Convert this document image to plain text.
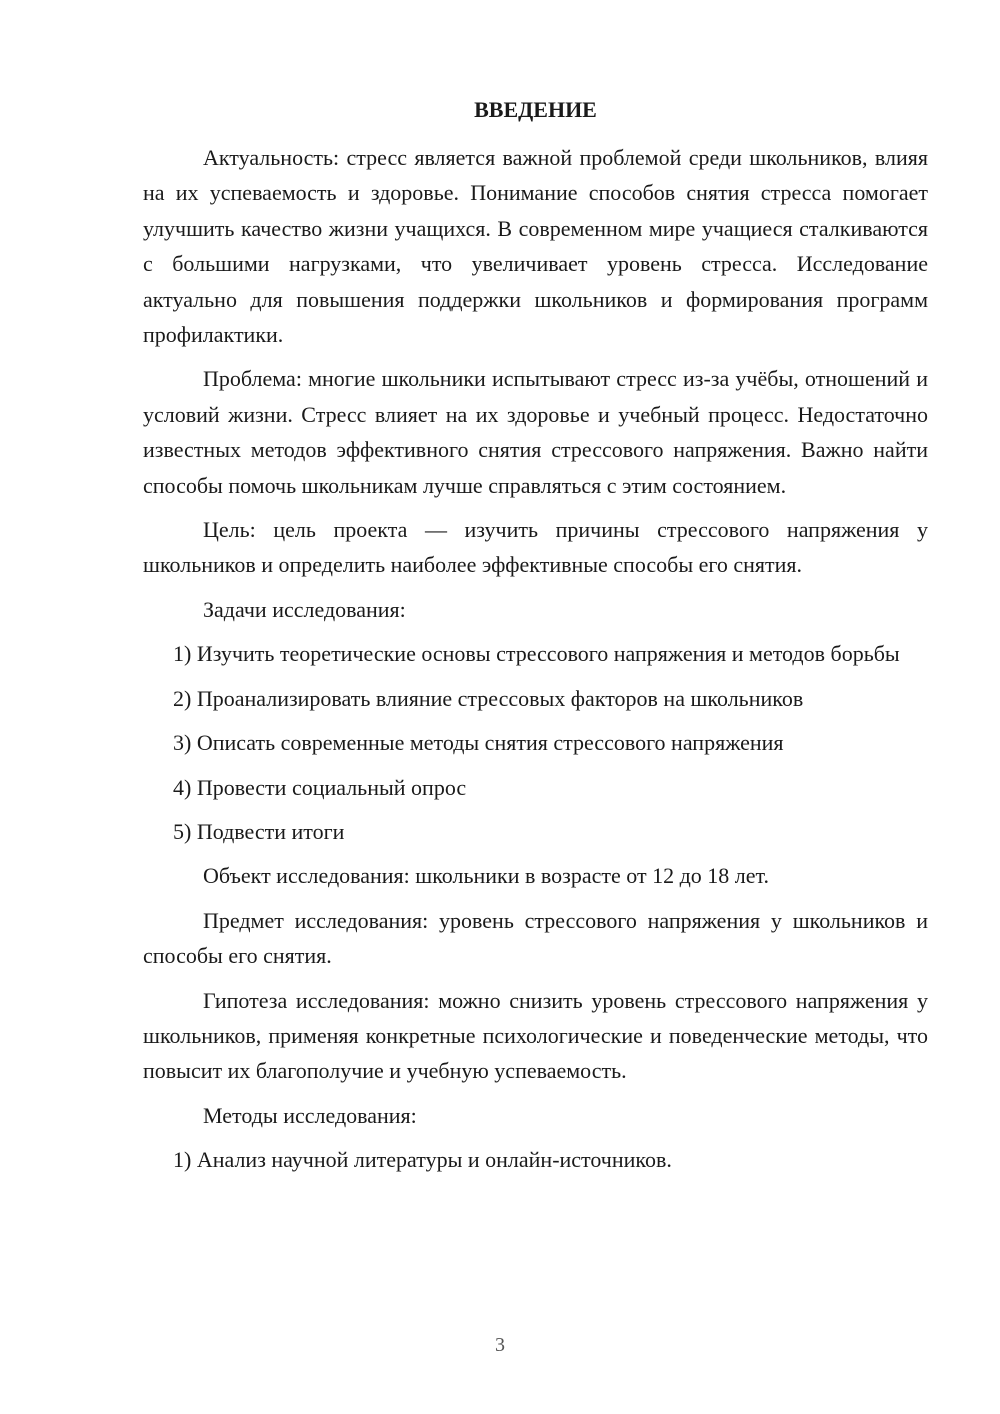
ВВЕДЕНИЕ

Актуальность: стресс является важной проблемой среди школьников, влияя на их успеваемость и здоровье. Понимание способов снятия стресса помогает улучшить качество жизни учащихся. В современном мире учащиеся сталкиваются с большими нагрузками, что увеличивает уровень стресса. Исследование актуально для повышения поддержки школьников и формирования программ профилактики.

Проблема: многие школьники испытывают стресс из-за учёбы, отношений и условий жизни. Стресс влияет на их здоровье и учебный процесс. Недостаточно известных методов эффективного снятия стрессового напряжения. Важно найти способы помочь школьникам лучше справляться с этим состоянием.

Цель: цель проекта — изучить причины стрессового напряжения у школьников и определить наиболее эффективные способы его снятия.

Задачи исследования:

1) Изучить теоретические основы стрессового напряжения и методов борьбы

2) Проанализировать влияние стрессовых факторов на школьников

3) Описать современные методы снятия стрессового напряжения

4) Провести социальный опрос

5) Подвести итоги

Объект исследования: школьники в возрасте от 12 до 18 лет.

Предмет исследования: уровень стрессового напряжения у школьников и способы его снятия.

Гипотеза исследования: можно снизить уровень стрессового напряжения у школьников, применяя конкретные психологические и поведенческие методы, что повысит их благополучие и учебную успеваемость.

Методы исследования:

1) Анализ научной литературы и онлайн-источников.

3
